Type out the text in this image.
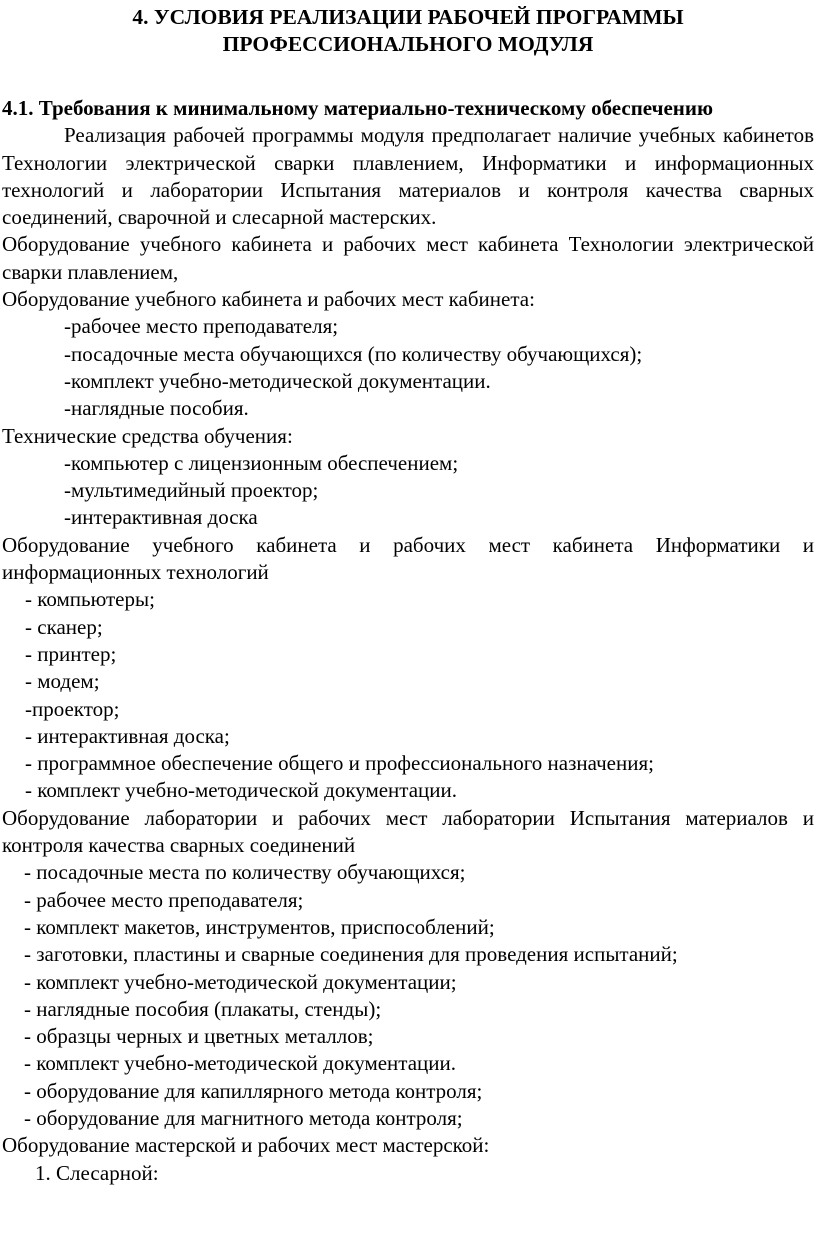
4. УСЛОВИЯ РЕАЛИЗАЦИИ РАБОЧЕЙ ПРОГРАММЫ
ПРОФЕССИОНАЛЬНОГО МОДУЛЯ
4.1. Требования к минимальному материально-техническому обеспечению

Реализация рабочей программы модуля предполагает наличие учебных кабинетов Технологии электрической сварки плавлением, Информатики и информационных технологий и лаборатории Испытания материалов и контроля качества сварных соединений, сварочной и слесарной мастерских.

Оборудование учебного кабинета и рабочих мест кабинета Технологии электрической сварки плавлением,

Оборудование учебного кабинета и рабочих мест кабинета:

-рабочее место преподавателя;
-посадочные места обучающихся (по количеству обучающихся);
-комплект учебно-методической документации.
-наглядные пособия.

Технические средства обучения:

-компьютер с лицензионным обеспечением;
-мультимедийный проектор;
-интерактивная доска

Оборудование учебного кабинета и рабочих мест кабинета Информатики и информационных технологий

- компьютеры;
- сканер;
- принтер;
- модем;
-проектор;
- интерактивная доска;
- программное обеспечение общего и профессионального назначения;
- комплект учебно-методической документации.

Оборудование лаборатории и рабочих мест лаборатории Испытания материалов и контроля качества сварных соединений

- посадочные места по количеству обучающихся;
- рабочее место преподавателя;
- комплект макетов, инструментов, приспособлений;
- заготовки, пластины и сварные соединения для проведения испытаний;
- комплект учебно-методической документации;
- наглядные пособия (плакаты, стенды);
- образцы черных и цветных металлов;
- комплект учебно-методической документации.
- оборудование для капиллярного метода контроля;
- оборудование для магнитного метода контроля;

Оборудование мастерской и рабочих мест мастерской:

1. Слесарной:
